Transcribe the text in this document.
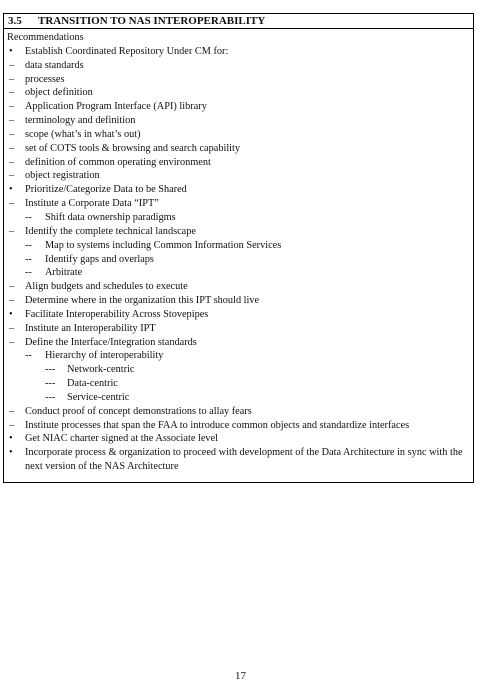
3.5 TRANSITION TO NAS INTEROPERABILITY
Recommendations
•	Establish Coordinated Repository Under CM for:
–	data standards
–	processes
–	object definition
–	Application Program Interface (API) library
–	terminology and definition
–	scope (what’s in what’s out)
–	set of COTS tools & browsing and search capability
–	definition of common operating environment
–	object registration
•	Prioritize/Categorize Data to be Shared
–	Institute a Corporate Data “IPT”
--	Shift data ownership paradigms
–	Identify the complete technical landscape
--	Map to systems including Common Information Services
--	Identify gaps and overlaps
--	Arbitrate
–	Align budgets and schedules to execute
–	Determine where in the organization this IPT should live
•	Facilitate Interoperability Across Stovepipes
–	Institute an Interoperability IPT
–	Define the Interface/Integration standards
--	Hierarchy of interoperability
---	Network-centric
---	Data-centric
---	Service-centric
–	Conduct proof of concept demonstrations to allay fears
–	Institute processes that span the FAA to introduce common objects and standardize interfaces
•	Get NIAC charter signed at the Associate level
•	Incorporate process & organization to proceed with development of the Data Architecture in sync with the next version of the NAS Architecture
17
